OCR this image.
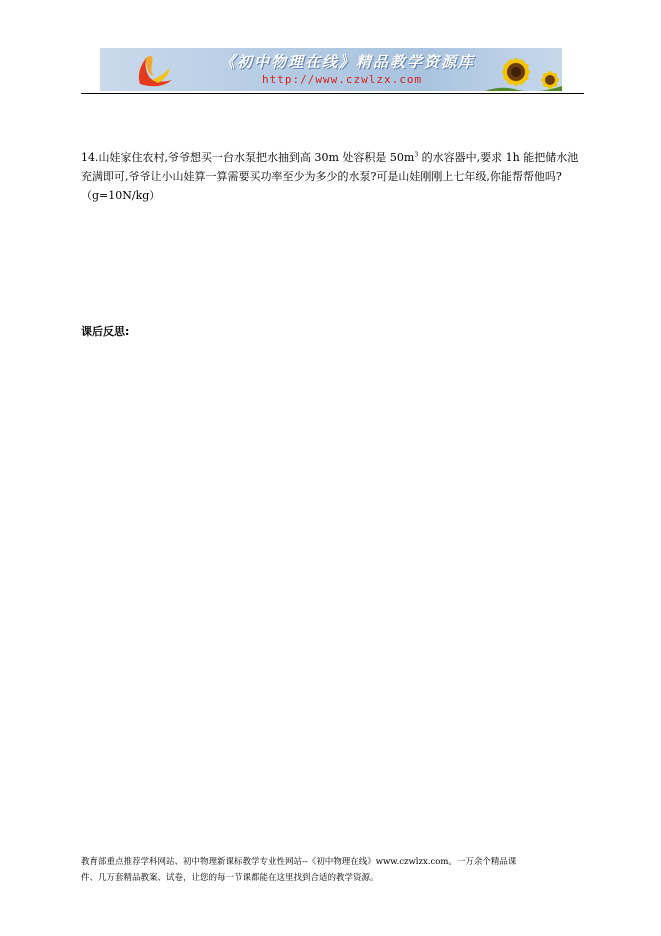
《初中物理在线》精品教学资源库
http://www.czwlzx.com
14.山娃家住农村,爷爷想买一台水泵把水抽到高 30m 处容积是 $50m^3$ 的水容器中,要求 1h 能把储水池充满即可,爷爷让小山娃算一算需要买功率至少为多少的水泵?可是山娃刚刚上七年级,你能帮帮他吗?　　（g=10N/kg）
课后反思:
教育部重点推荐学科网站、初中物理新课标教学专业性网站--《初中物理在线》www.czwlzx.com。一万余个精品课
件、几万套精品教案、试卷，让您的每一节课都能在这里找到合适的教学资源。
